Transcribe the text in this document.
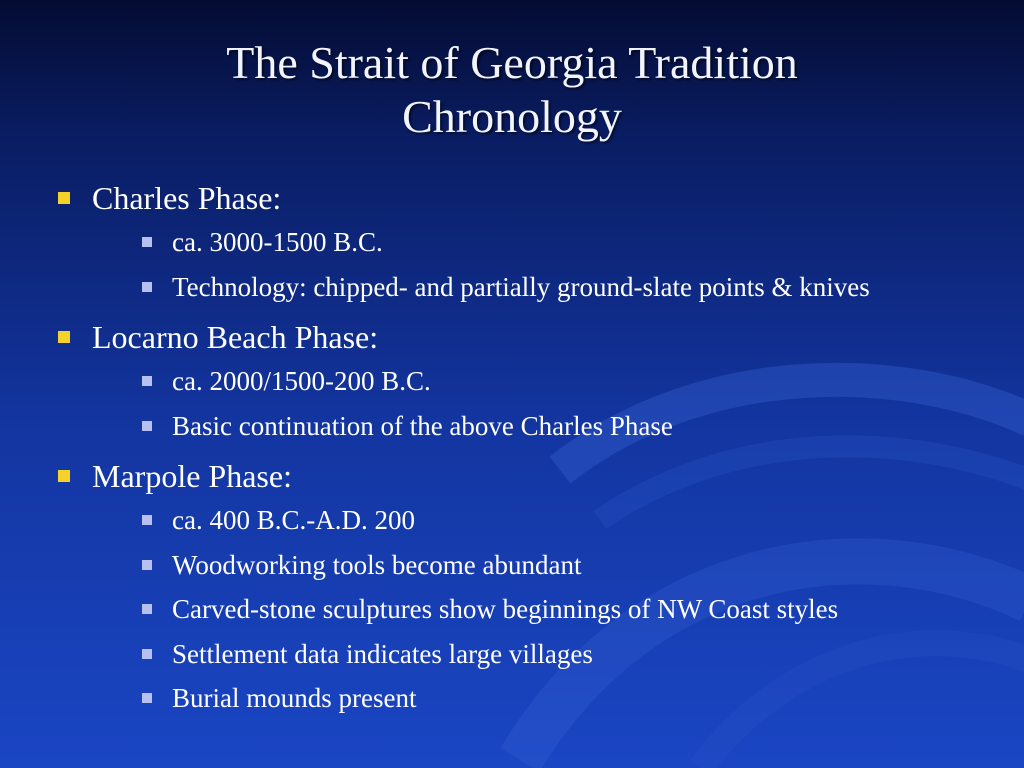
The Strait of Georgia Tradition
Chronology
Charles Phase:
ca. 3000-1500 B.C.
Technology: chipped- and partially ground-slate points & knives
Locarno Beach Phase:
ca. 2000/1500-200 B.C.
Basic continuation of the above Charles Phase
Marpole Phase:
ca. 400 B.C.-A.D. 200
Woodworking tools become abundant
Carved-stone sculptures show beginnings of NW Coast styles
Settlement data indicates large villages
Burial mounds present
